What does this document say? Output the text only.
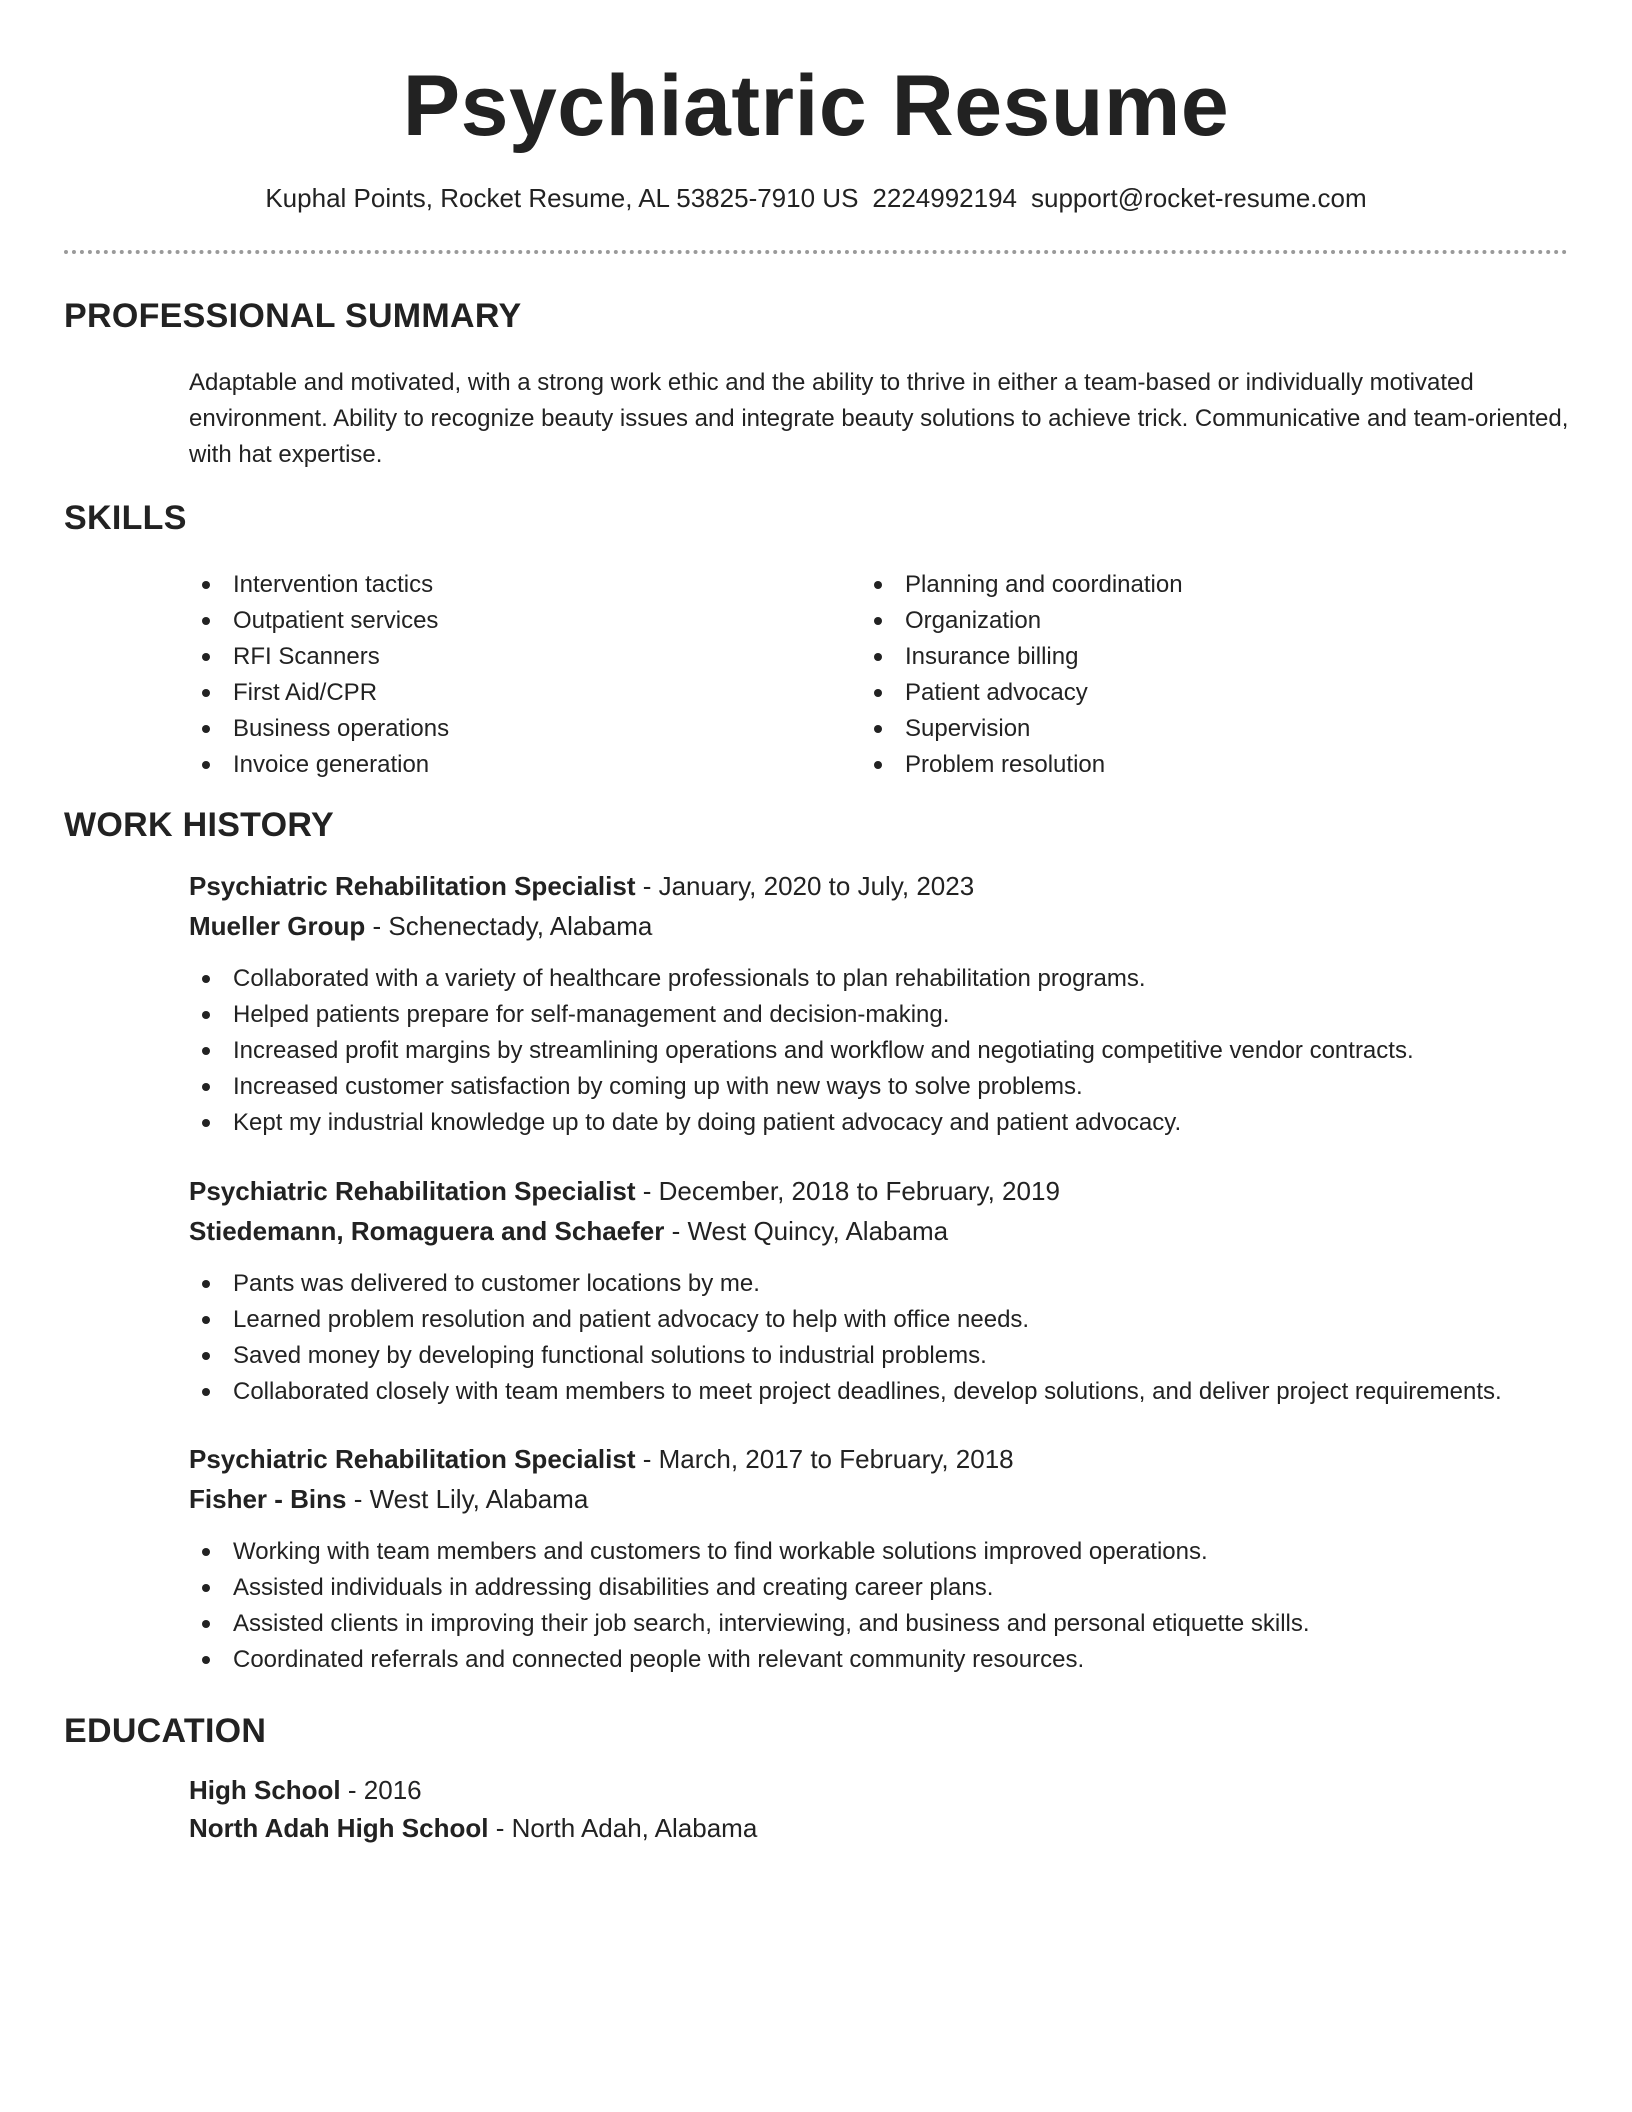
Psychiatric Resume
Kuphal Points, Rocket Resume, AL 53825-7910 US 2224992194 support@rocket-resume.com
PROFESSIONAL SUMMARY
Adaptable and motivated, with a strong work ethic and the ability to thrive in either a team-based or individually motivated environment. Ability to recognize beauty issues and integrate beauty solutions to achieve trick. Communicative and team-oriented, with hat expertise.
SKILLS
Intervention tactics
Outpatient services
RFI Scanners
First Aid/CPR
Business operations
Invoice generation
Planning and coordination
Organization
Insurance billing
Patient advocacy
Supervision
Problem resolution
WORK HISTORY
Psychiatric Rehabilitation Specialist - January, 2020 to July, 2023
Mueller Group - Schenectady, Alabama
Collaborated with a variety of healthcare professionals to plan rehabilitation programs.
Helped patients prepare for self-management and decision-making.
Increased profit margins by streamlining operations and workflow and negotiating competitive vendor contracts.
Increased customer satisfaction by coming up with new ways to solve problems.
Kept my industrial knowledge up to date by doing patient advocacy and patient advocacy.
Psychiatric Rehabilitation Specialist - December, 2018 to February, 2019
Stiedemann, Romaguera and Schaefer - West Quincy, Alabama
Pants was delivered to customer locations by me.
Learned problem resolution and patient advocacy to help with office needs.
Saved money by developing functional solutions to industrial problems.
Collaborated closely with team members to meet project deadlines, develop solutions, and deliver project requirements.
Psychiatric Rehabilitation Specialist - March, 2017 to February, 2018
Fisher - Bins - West Lily, Alabama
Working with team members and customers to find workable solutions improved operations.
Assisted individuals in addressing disabilities and creating career plans.
Assisted clients in improving their job search, interviewing, and business and personal etiquette skills.
Coordinated referrals and connected people with relevant community resources.
EDUCATION
High School - 2016
North Adah High School - North Adah, Alabama
